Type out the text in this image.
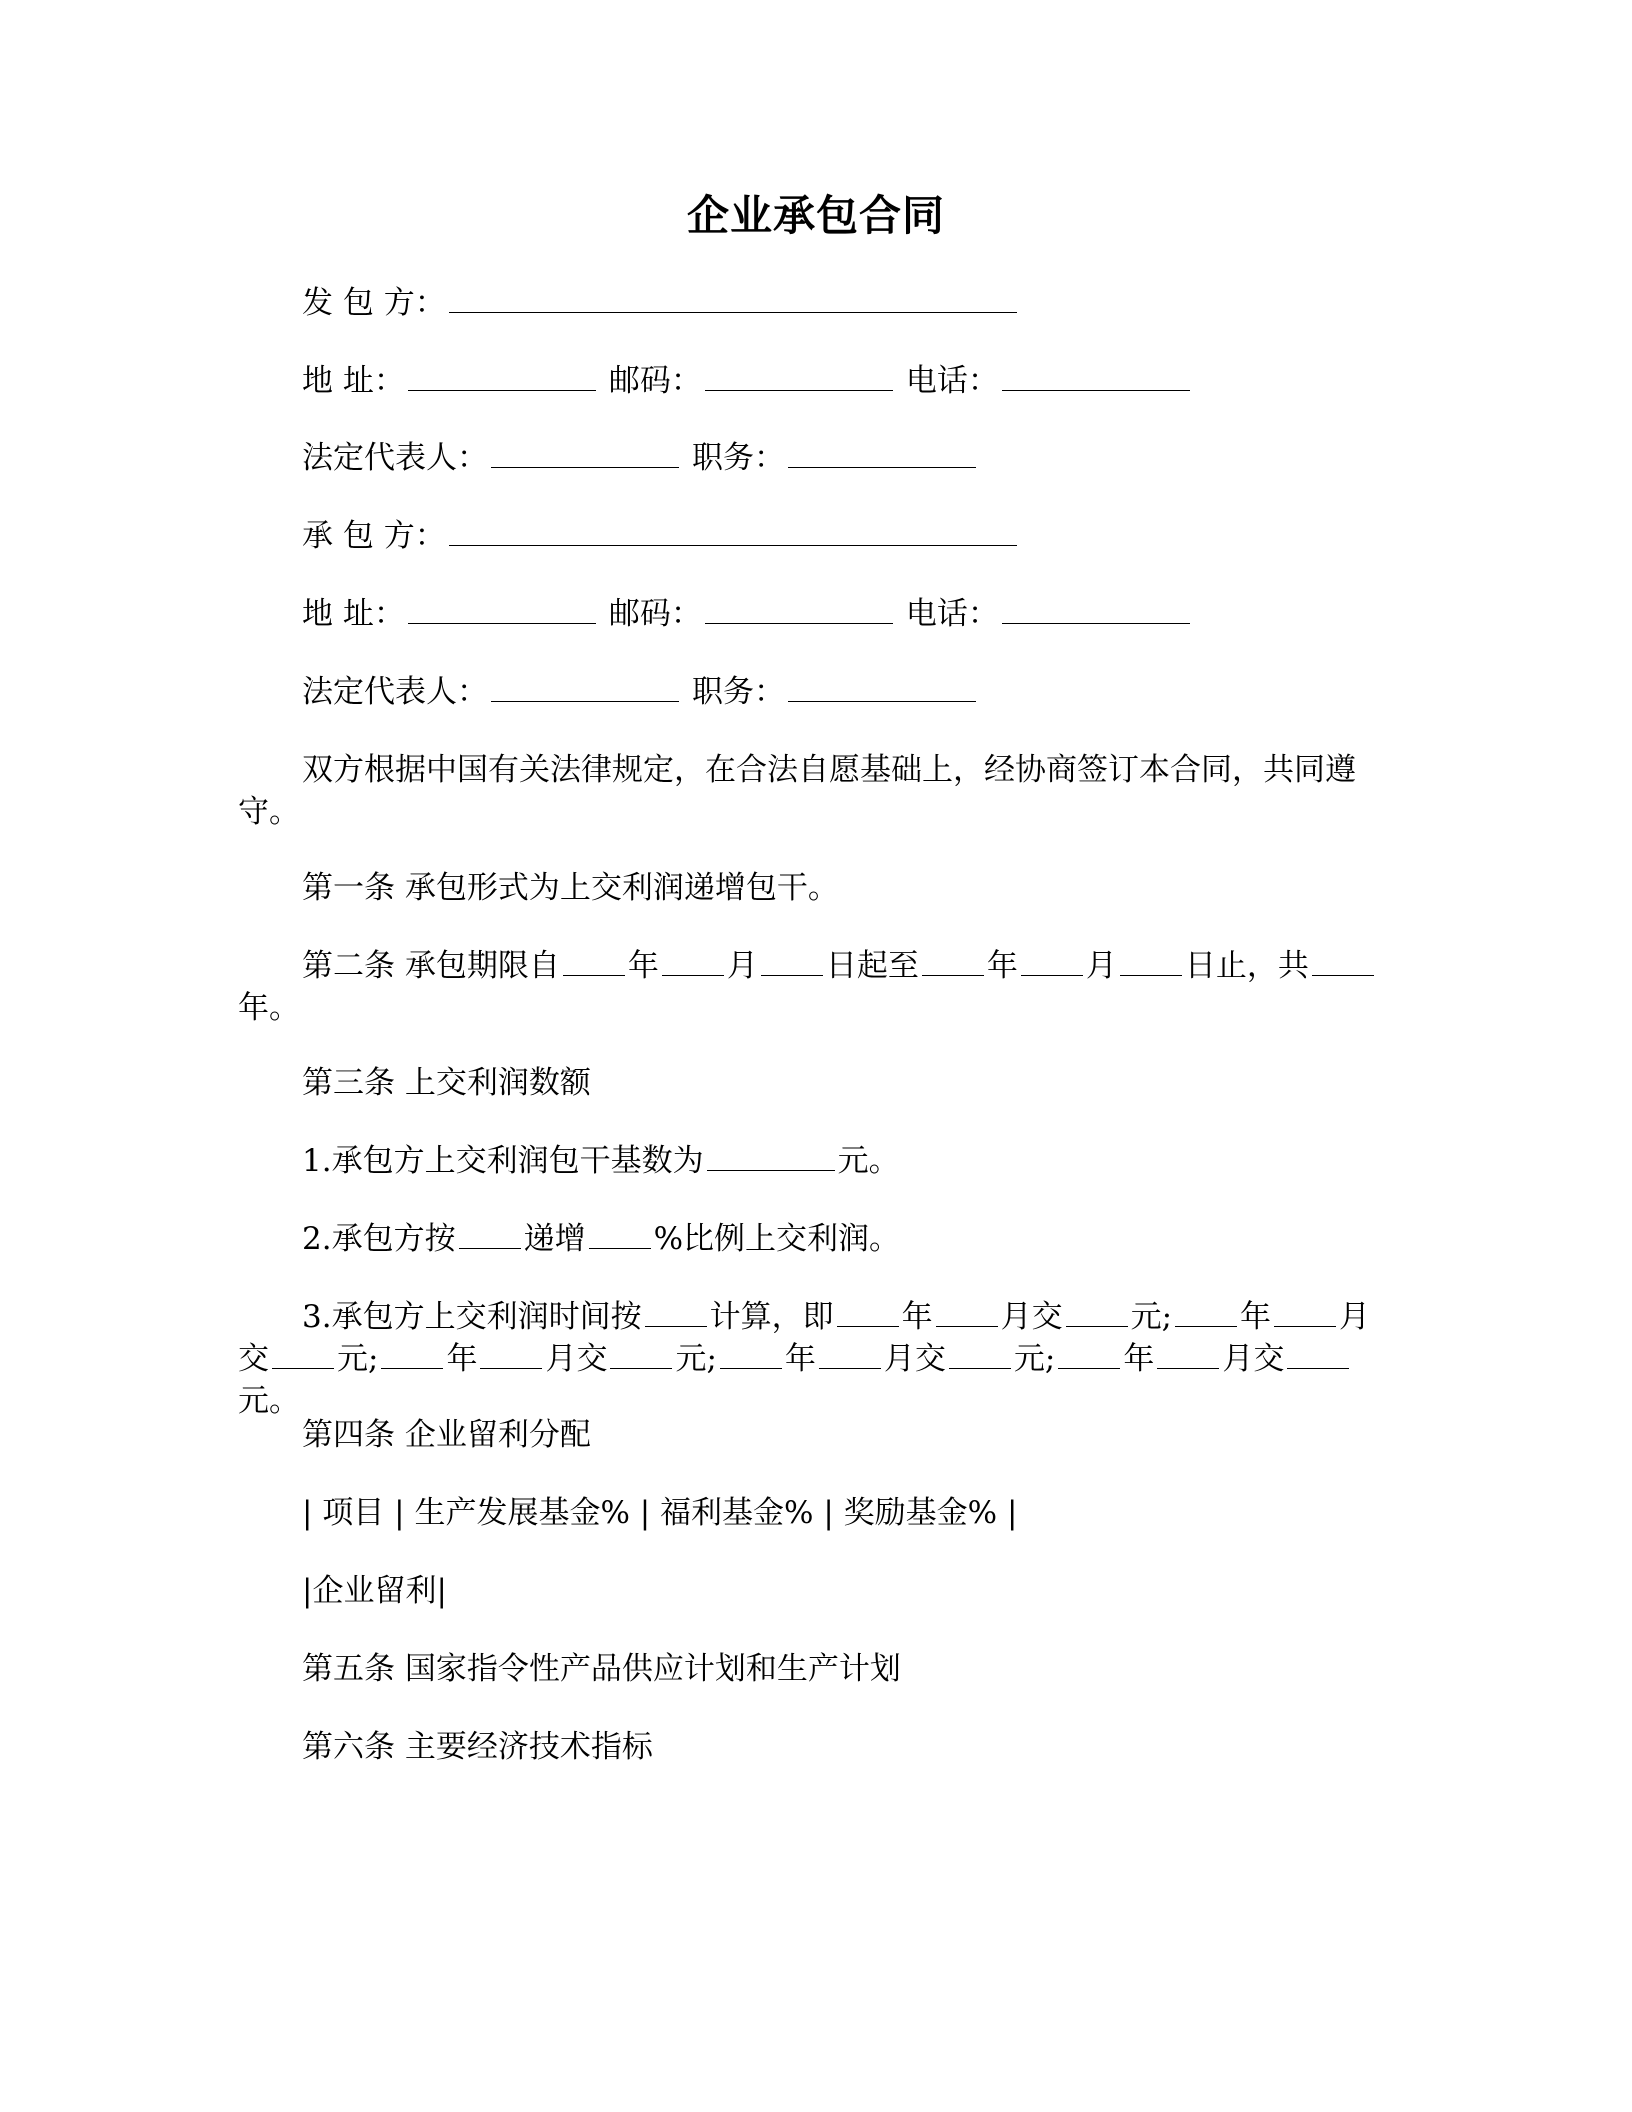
企业承包合同
发 包 方：
地 址：	邮码：	电话：
法定代表人：	职务：
承 包 方：
地 址：	邮码：	电话：
法定代表人：	职务：
双方根据中国有关法律规定，在合法自愿基础上，经协商签订本合同，共同遵守。
第一条 承包形式为上交利润递增包干。
第二条 承包期限自 年 月 日起至 年 月 日止，共年。
第三条 上交利润数额
1.承包方上交利润包干基数为	元。
2.承包方按 递增 %比例上交利润。
3.承包方上交利润时间按 计算，即 年 月交 元; 年 月交 元; 年 月交 元; 年 月交 元; 年 月交元。
第四条 企业留利分配
| 项目 | 生产发展基金% | 福利基金% | 奖励基金% |
|企业留利|
第五条 国家指令性产品供应计划和生产计划
第六条 主要经济技术指标
